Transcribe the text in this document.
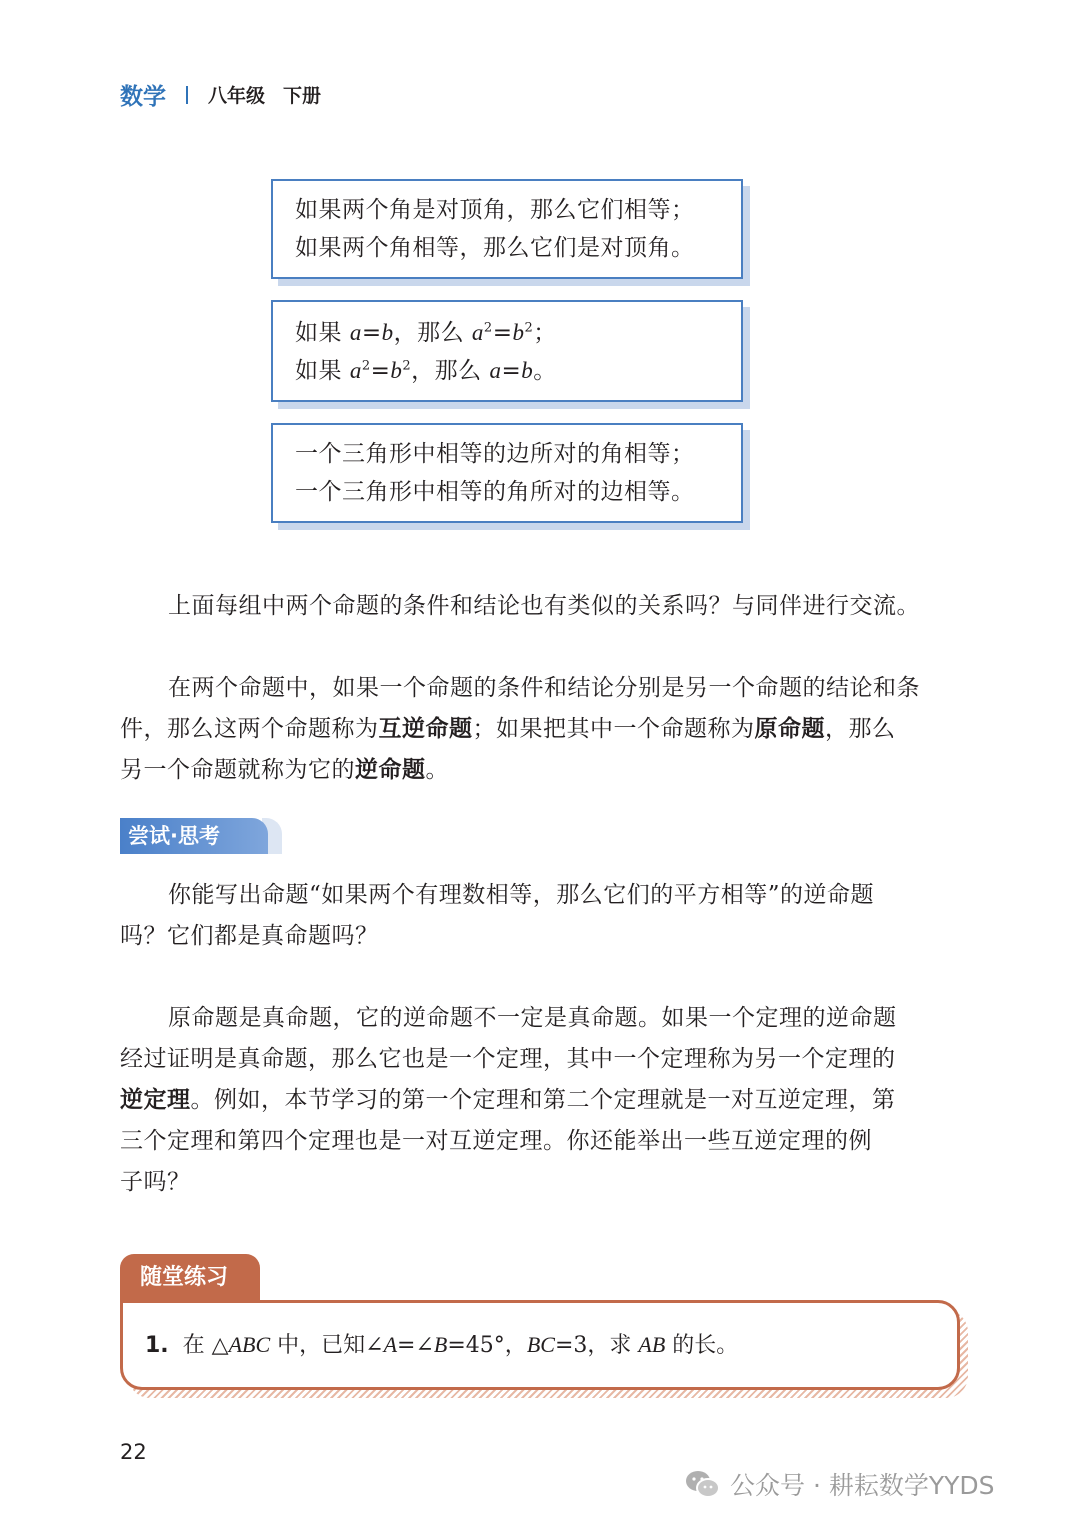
数学 八年级 下册
如果两个角是对顶角，那么它们相等；
如果两个角相等，那么它们是对顶角。
如果 a=b，那么 $a^2=b^2$；
如果 $a^2=b^2$，那么 a=b。
一个三角形中相等的边所对的角相等；
一个三角形中相等的角所对的边相等。
上面每组中两个命题的条件和结论也有类似的关系吗？与同伴进行交流。
在两个命题中，如果一个命题的条件和结论分别是另一个命题的结论和条
件，那么这两个命题称为互逆命题；如果把其中一个命题称为原命题，那么
另一个命题就称为它的逆命题。
尝试·思考
你能写出命题“如果两个有理数相等，那么它们的平方相等”的逆命题
吗？它们都是真命题吗？
原命题是真命题，它的逆命题不一定是真命题。如果一个定理的逆命题
经过证明是真命题，那么它也是一个定理，其中一个定理称为另一个定理的
逆定理。例如，本节学习的第一个定理和第二个定理就是一对互逆定理，第
三个定理和第四个定理也是一对互逆定理。你还能举出一些互逆定理的例
子吗？
随堂练习
1. 在 △ABC 中，已知∠A=∠B=45°，BC=3，求 AB 的长。
22
公众号 · 耕耘数学YYDS
